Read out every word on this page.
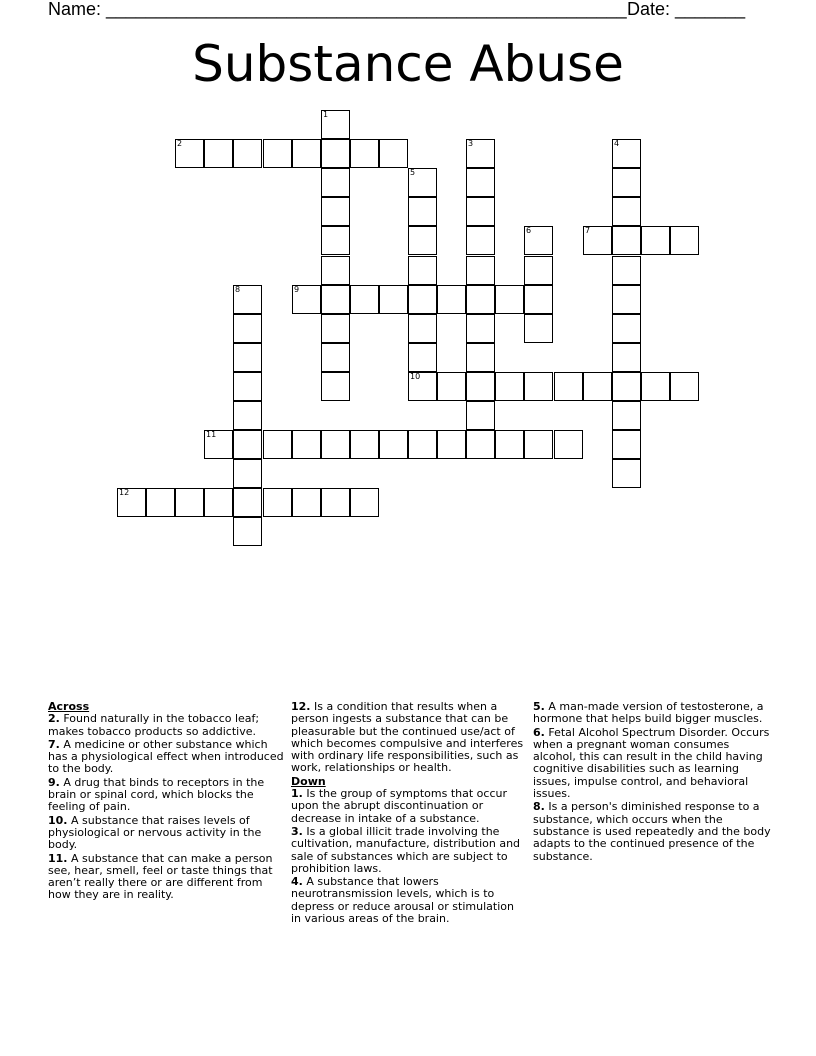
Name: ____________________________________________________ Date: _______
Substance Abuse
1
2	3	4
5
10
6	7
8	9
11
12
Across
2. Found naturally in the tobacco leaf; makes tobacco products so addictive.
7. A medicine or other substance which has a physiological effect when introduced to the body.
9. A drug that binds to receptors in the brain or spinal cord, which blocks the feeling of pain.
10. A substance that raises levels of physiological or nervous activity in the body.
11. A substance that can make a person see, hear, smell, feel or taste things that aren’t really there or are different from how they are in reality.
12. Is a condition that results when a person ingests a substance that can be pleasurable but the continued use/act of which becomes compulsive and interferes with ordinary life responsibilities, such as work, relationships or health.
Down
1. Is the group of symptoms that occur upon the abrupt discontinuation or decrease in intake of a substance.
3. Is a global illicit trade involving the cultivation, manufacture, distribution and sale of substances which are subject to prohibition laws.
4. A substance that lowers neurotransmission levels, which is to depress or reduce arousal or stimulation in various areas of the brain.
5. A man-made version of testosterone, a hormone that helps build bigger muscles.
6. Fetal Alcohol Spectrum Disorder. Occurs when a pregnant woman consumes alcohol, this can result in the child having cognitive disabilities such as learning issues, impulse control, and behavioral issues.
8. Is a person's diminished response to a substance, which occurs when the substance is used repeatedly and the body adapts to the continued presence of the substance.
